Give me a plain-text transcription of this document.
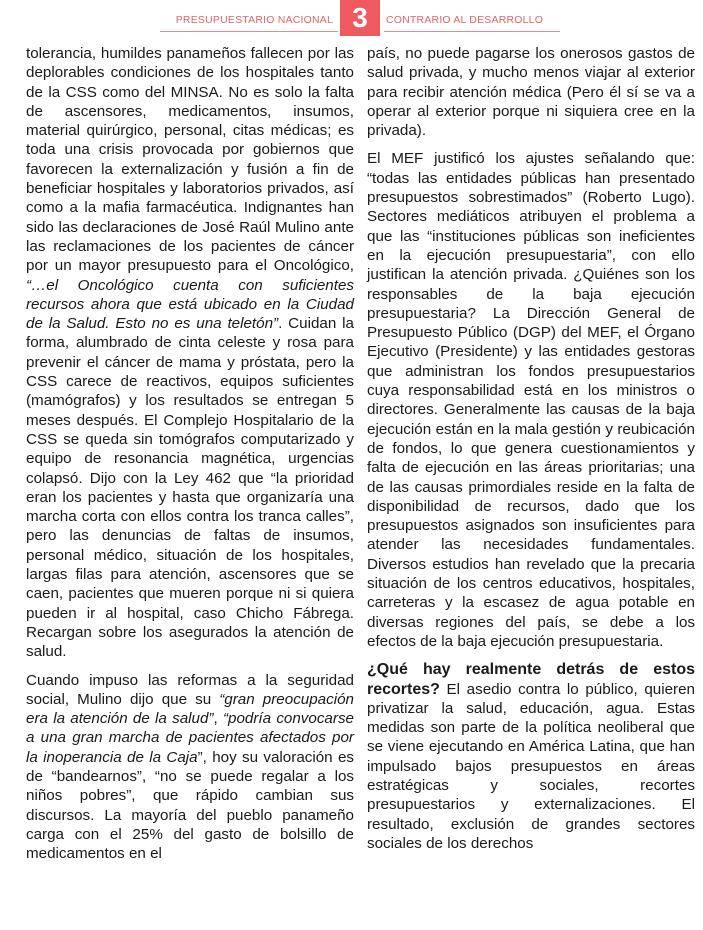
PRESUPUESTARIO NACIONAL 3	CONTRARIO AL DESARROLLO

tolerancia, humildes panameños fallecen por las deplorables condiciones de los hospitales tanto de la CSS como del MINSA. No es solo la falta de ascensores, medicamentos, insumos, material quirúrgico, personal, citas médicas; es toda una crisis provocada por gobiernos que favorecen la externalización y fusión a fin de beneficiar hospitales y laboratorios privados, así como a la mafia farmacéutica. Indignantes han sido las declaraciones de José Raúl Mulino ante las reclamaciones de los pacientes de cáncer por un mayor presupuesto para el Oncológico, “…el Oncológico cuenta con suficientes recursos ahora que está ubicado en la Ciudad de la Salud. Esto no es una teletón”. Cuidan la forma, alumbrado de cinta celeste y rosa para prevenir el cáncer de mama y próstata, pero la CSS carece de reactivos, equipos suficientes (mamógrafos) y los resultados se entregan 5 meses después. El Complejo Hospitalario de la CSS se queda sin tomógrafos computarizado y equipo de resonancia magnética, urgencias colapsó. Dijo con la Ley 462 que “la prioridad eran los pacientes y hasta que organizaría una marcha corta con ellos contra los tranca calles”, pero las denuncias de faltas de insumos, personal médico, situación de los hospitales, largas filas para atención, ascensores que se caen, pacientes que mueren porque ni si quiera pueden ir al hospital, caso Chicho Fábrega. Recargan sobre los asegurados la atención de salud.

Cuando impuso las reformas a la seguridad social, Mulino dijo que su “gran preocupación era la atención de la salud”, “podría convocarse a una gran marcha de pacientes afectados por la inoperancia de la Caja”, hoy su valoración es de “bandearnos”, “no se puede regalar a los niños pobres”, que rápido cambian sus discursos. La mayoría del pueblo panameño carga con el 25% del gasto de bolsillo de medicamentos en el

país, no puede pagarse los onerosos gastos de salud privada, y mucho menos viajar al exterior para recibir atención médica (Pero él sí se va a operar al exterior porque ni siquiera cree en la privada).

El MEF justificó los ajustes señalando que: “todas las entidades públicas han presentado presupuestos sobrestimados” (Roberto Lugo). Sectores mediáticos atribuyen el problema a que las “instituciones públicas son ineficientes en la ejecución presupuestaria”, con ello justifican la atención privada. ¿Quiénes son los responsables de la baja ejecución presupuestaria? La Dirección General de Presupuesto Público (DGP) del MEF, el Órgano Ejecutivo (Presidente) y las entidades gestoras que administran los fondos presupuestarios cuya responsabilidad está en los ministros o directores. Generalmente las causas de la baja ejecución están en la mala gestión y reubicación de fondos, lo que genera cuestionamientos y falta de ejecución en las áreas prioritarias; una de las causas primordiales reside en la falta de disponibilidad de recursos, dado que los presupuestos asignados son insuficientes para atender las necesidades fundamentales. Diversos estudios han revelado que la precaria situación de los centros educativos, hospitales, carreteras y la escasez de agua potable en diversas regiones del país, se debe a los efectos de la baja ejecución presupuestaria.

¿Qué hay realmente detrás de estos recortes? El asedio contra lo público, quieren privatizar la salud, educación, agua. Estas medidas son parte de la política neoliberal que se viene ejecutando en América Latina, que han impulsado bajos presupuestos en áreas estratégicas y sociales, recortes presupuestarios y externalizaciones. El resultado, exclusión de grandes sectores sociales de los derechos
